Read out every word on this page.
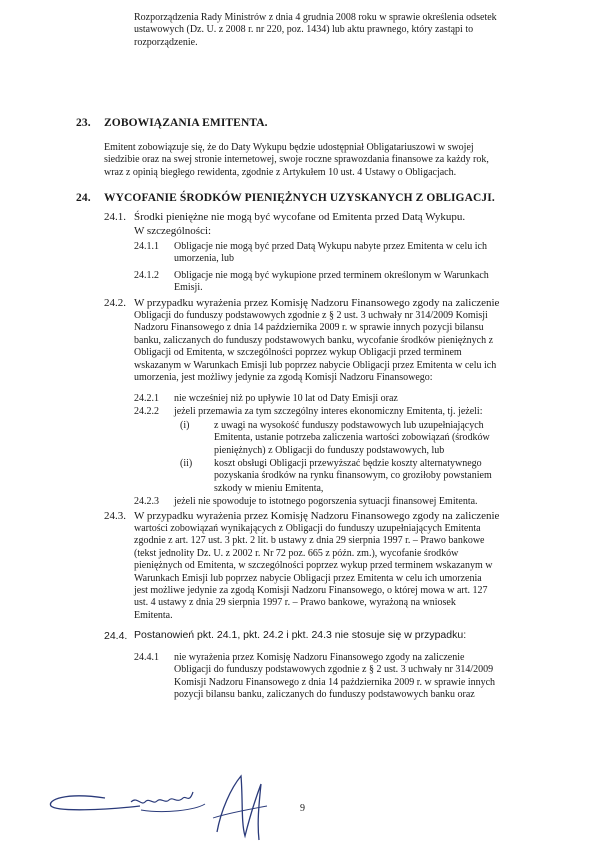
Rozporządzenia Rady Ministrów z dnia 4 grudnia 2008 roku w sprawie określenia odsetek
ustawowych (Dz. U. z 2008 r. nr 220, poz. 1434) lub aktu prawnego, który zastąpi to
rozporządzenie.
23. ZOBOWIĄZANIA EMITENTA.
Emitent zobowiązuje się, że do Daty Wykupu będzie udostępniał Obligatariuszowi w swojej
siedzibie oraz na swej stronie internetowej, swoje roczne sprawozdania finansowe za każdy rok,
wraz z opinią biegłego rewidenta, zgodnie z Artykułem 10 ust. 4 Ustawy o Obligacjach.
24. WYCOFANIE ŚRODKÓW PIENIĘŻNYCH UZYSKANYCH Z OBLIGACJI.
24.1. Środki pieniężne nie mogą być wycofane od Emitenta przed Datą Wykupu.
W szczególności:
24.1.1 Obligacje nie mogą być przed Datą Wykupu nabyte przez Emitenta w celu ich
umorzenia, lub
24.1.2 Obligacje nie mogą być wykupione przed terminem określonym w Warunkach
Emisji.
24.2. W przypadku wyrażenia przez Komisję Nadzoru Finansowego zgody na zaliczenie
Obligacji do funduszy podstawowych zgodnie z § 2 ust. 3 uchwały nr 314/2009 Komisji
Nadzoru Finansowego z dnia 14 października 2009 r. w sprawie innych pozycji bilansu
banku, zaliczanych do funduszy podstawowych banku, wycofanie środków pieniężnych z
Obligacji od Emitenta, w szczególności poprzez wykup Obligacji przed terminem
wskazanym w Warunkach Emisji lub poprzez nabycie Obligacji przez Emitenta w celu ich
umorzenia, jest możliwy jedynie za zgodą Komisji Nadzoru Finansowego:
24.2.1 nie wcześniej niż po upływie 10 lat od Daty Emisji oraz
24.2.2 jeżeli przemawia za tym szczególny interes ekonomiczny Emitenta, tj. jeżeli:
(i) z uwagi na wysokość funduszy podstawowych lub uzupełniających
Emitenta, ustanie potrzeba zaliczenia wartości zobowiązań (środków
pieniężnych) z Obligacji do funduszy podstawowych, lub
(ii) koszt obsługi Obligacji przewyższać będzie koszty alternatywnego
pozyskania środków na rynku finansowym, co groziłoby powstaniem
szkody w mieniu Emitenta,
24.2.3 jeżeli nie spowoduje to istotnego pogorszenia sytuacji finansowej Emitenta.
24.3. W przypadku wyrażenia przez Komisję Nadzoru Finansowego zgody na zaliczenie
wartości zobowiązań wynikających z Obligacji do funduszy uzupełniających Emitenta
zgodnie z art. 127 ust. 3 pkt. 2 lit. b ustawy z dnia 29 sierpnia 1997 r. – Prawo bankowe
(tekst jednolity Dz. U. z 2002 r. Nr 72 poz. 665 z późn. zm.), wycofanie środków
pieniężnych od Emitenta, w szczególności poprzez wykup przed terminem wskazanym w
Warunkach Emisji lub poprzez nabycie Obligacji przez Emitenta w celu ich umorzenia
jest możliwe jedynie za zgodą Komisji Nadzoru Finansowego, o której mowa w art. 127
ust. 4 ustawy z dnia 29 sierpnia 1997 r. – Prawo bankowe, wyrażoną na wniosek
Emitenta.
24.4. Postanowień pkt. 24.1, pkt. 24.2 i pkt. 24.3 nie stosuje się w przypadku:
24.4.1 nie wyrażenia przez Komisję Nadzoru Finansowego zgody na zaliczenie
Obligacji do funduszy podstawowych zgodnie z § 2 ust. 3 uchwały nr 314/2009
Komisji Nadzoru Finansowego z dnia 14 października 2009 r. w sprawie innych
pozycji bilansu banku, zaliczanych do funduszy podstawowych banku oraz
9
